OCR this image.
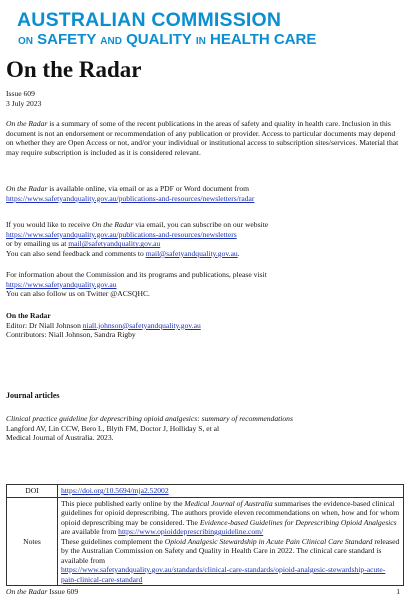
AUSTRALIAN COMMISSION
ON SAFETY AND QUALITY IN HEALTH CARE
On the Radar

Issue 609

3 July 2023

On the Radar is a summary of some of the recent publications in the areas of safety and quality in health care. Inclusion in this document is not an endorsement or recommendation of any publication or provider. Access to particular documents may depend on whether they are Open Access or not, and/or your individual or institutional access to subscription sites/services. Material that may require subscription is included as it is considered relevant.

On the Radar is available online, via email or as a PDF or Word document from

https://www.safetyandquality.gov.au/publications-and-resources/newsletters/radar

If you would like to receive On the Radar via email, you can subscribe on our website

https://www.safetyandquality.gov.au/publications-and-resources/newsletters

or by emailing us at mail@safetyandquality.gov.au

You can also send feedback and comments to mail@safetyandquality.gov.au.

For information about the Commission and its programs and publications, please visit

https://www.safetyandquality.gov.au

You can also follow us on Twitter @ACSQHC.

On the Radar

Editor: Dr Niall Johnson niall.johnson@safetyandquality.gov.au

Contributors: Niall Johnson, Sandra Rigby

Journal articles

Clinical practice guideline for deprescribing opioid analgesics: summary of recommendations

Langford AV, Lin CCW, Bero L, Blyth FM, Doctor J, Holliday S, et al

Medical Journal of Australia. 2023.

DOI	https://doi.org/10.5694/mja2.52002
Notes	This piece published early online by the Medical Journal of Australia summarises the evidence-based clinical guidelines for opioid deprescribing. The authors provide eleven recommendations on when, how and for whom opioid deprescribing may be considered. The Evidence-based Guidelines for Deprescribing Opioid Analgesics are available from https://www.opioiddeprescribingguideline.com/
These guidelines complement the Opioid Analgesic Stewardship in Acute Pain Clinical Care Standard released by the Australian Commission on Safety and Quality in Health Care in 2022. The clinical care standard is available from
https://www.safetyandquality.gov.au/standards/clinical-care-standards/opioid-analgesic-stewardship-acute-pain-clinical-care-standard
On the Radar Issue 609	1
